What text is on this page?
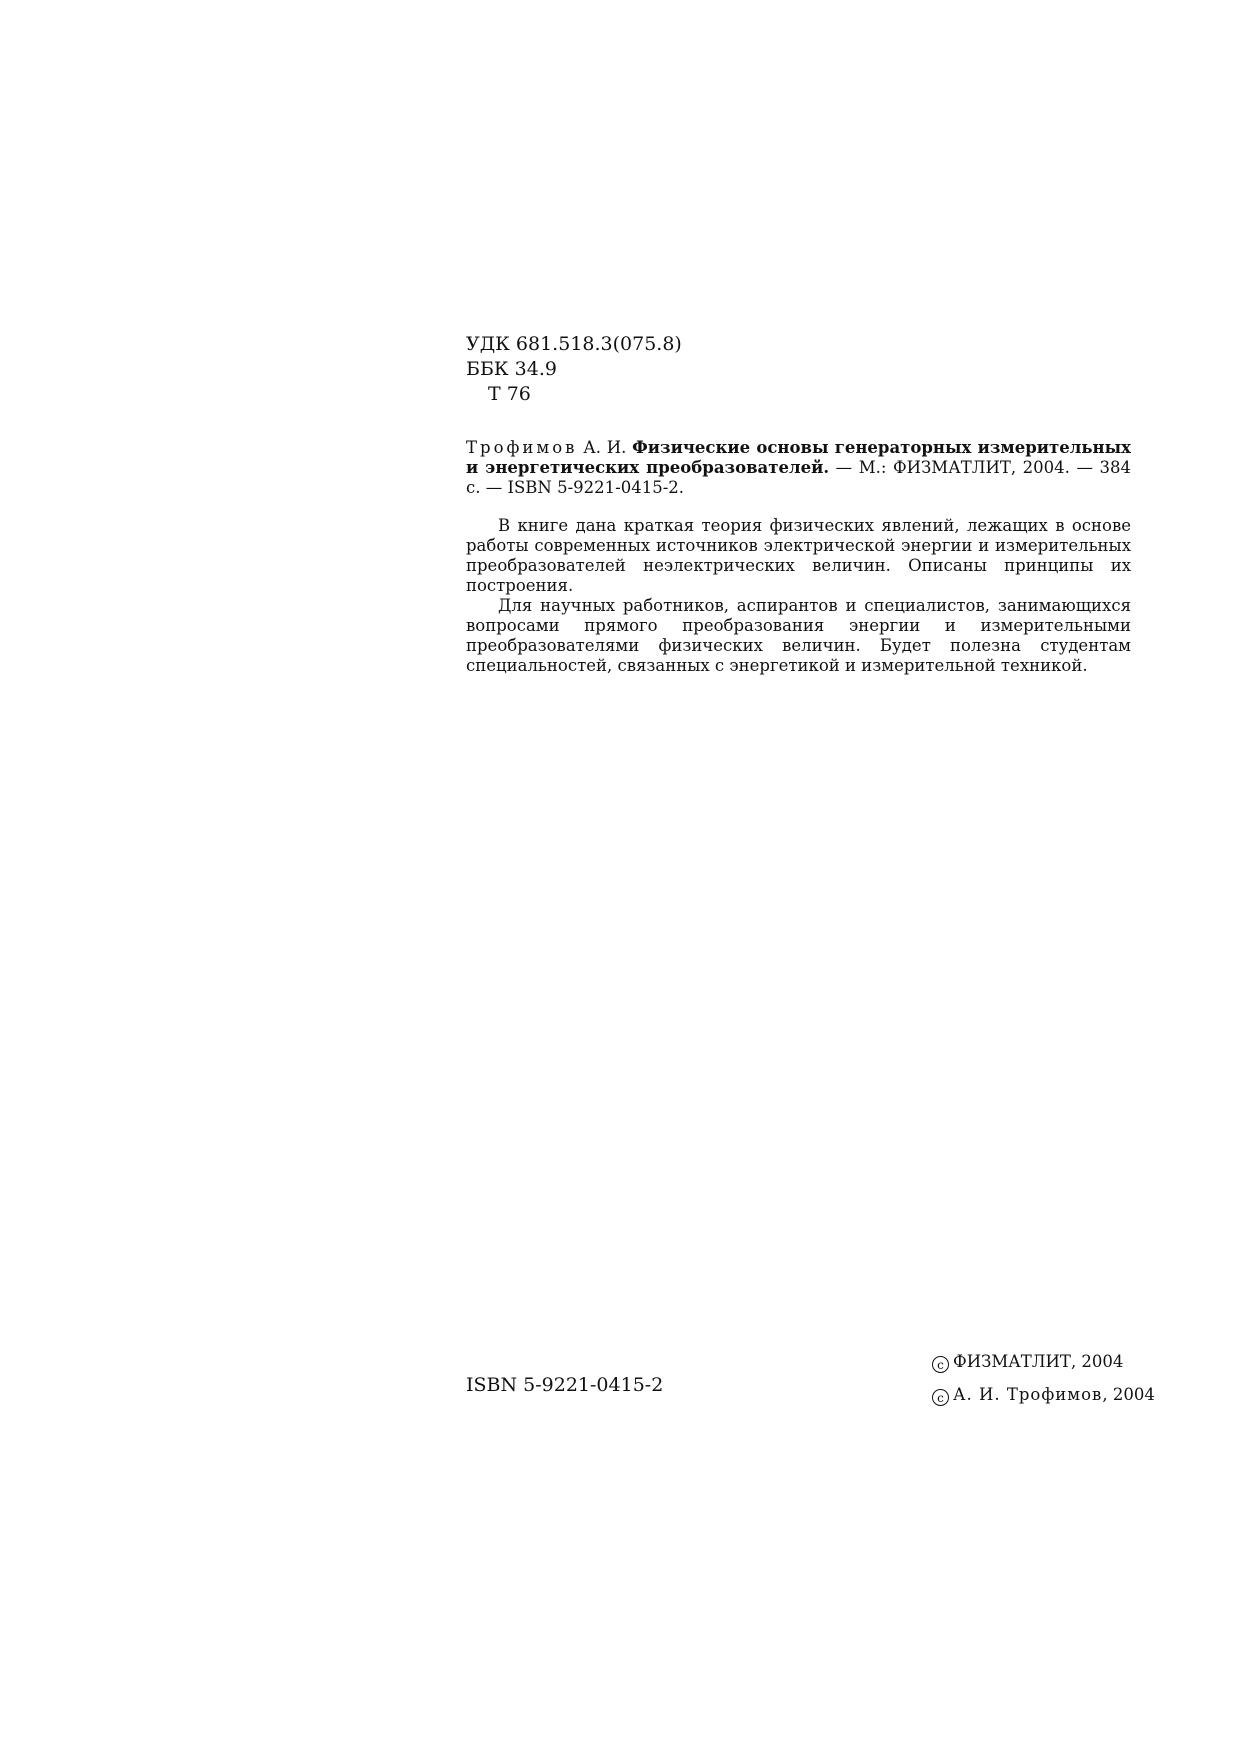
УДК 681.518.3(075.8)
ББК 34.9
Т 76
Трофимов А. И. Физические основы генераторных измерительных и энергетических преобразователей. — М.: ФИЗМАТЛИТ, 2004. — 384 с. — ISBN 5-9221-0415-2.

В книге дана краткая теория физических явлений, лежащих в основе работы современных источников электрической энергии и измерительных преобразователей неэлектрических величин. Описаны принципы их построения.

Для научных работников, аспирантов и специалистов, занимающихся вопросами прямого преобразования энергии и измерительными преобразователями физических величин. Будет полезна студентам специальностей, связанных с энергетикой и измерительной техникой.

ISBN 5-9221-0415-2
c ФИЗМАТЛИТ, 2004
c А. И. Трофимов, 2004
